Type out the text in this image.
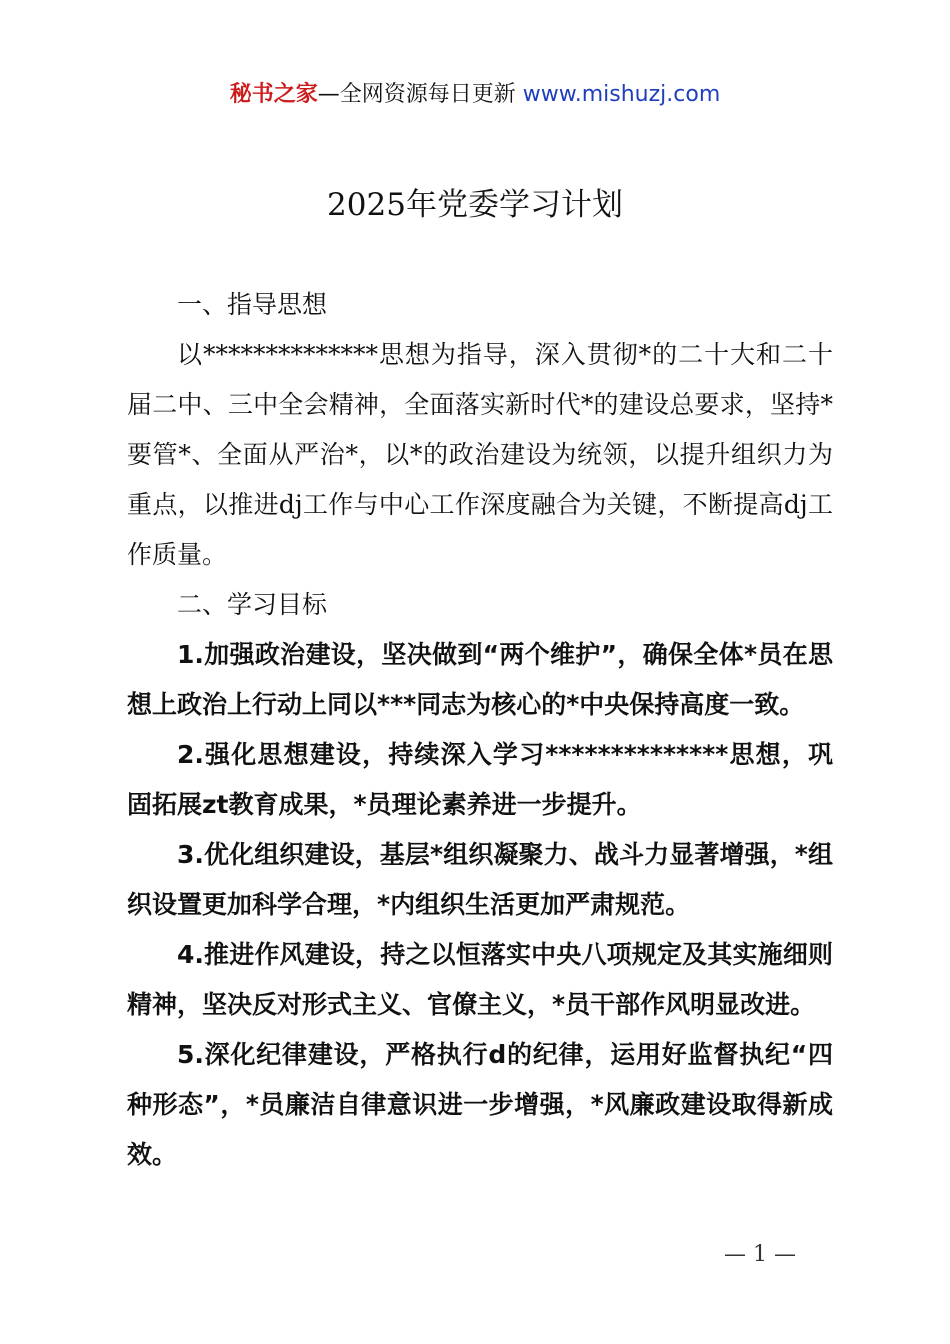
秘书之家—全网资源每日更新 www.mishuzj.com
2025年党委学习计划

一、指导思想

以**************思想为指导，深入贯彻*的二十大和二十届二中、三中全会精神，全面落实新时代*的建设总要求，坚持*要管*、全面从严治*，以*的政治建设为统领，以提升组织力为重点，以推进dj工作与中心工作深度融合为关键，不断提高dj工作质量。

二、学习目标

1.加强政治建设，坚决做到“两个维护”，确保全体*员在思想上政治上行动上同以***同志为核心的*中央保持高度一致。

2.强化思想建设，持续深入学习**************思想，巩固拓展zt教育成果，*员理论素养进一步提升。

3.优化组织建设，基层*组织凝聚力、战斗力显著增强，*组织设置更加科学合理，*内组织生活更加严肃规范。

4.推进作风建设，持之以恒落实中央八项规定及其实施细则精神，坚决反对形式主义、官僚主义，*员干部作风明显改进。

5.深化纪律建设，严格执行d的纪律，运用好监督执纪“四种形态”，*员廉洁自律意识进一步增强，*风廉政建设取得新成效。

— 1 —
